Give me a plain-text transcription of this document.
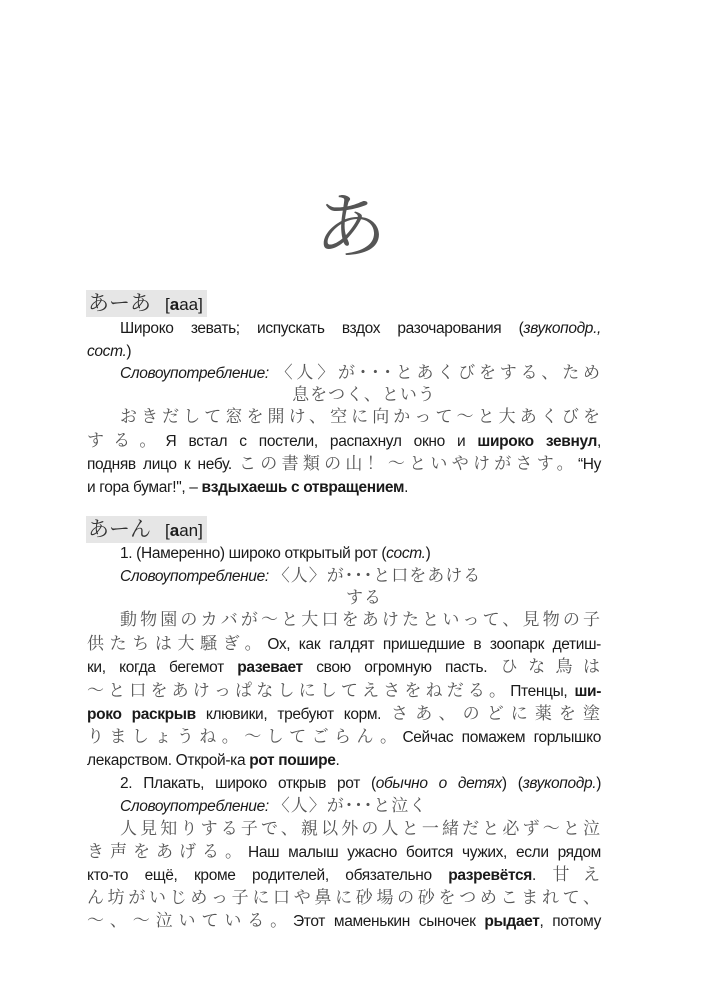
あ
あーあ [aaa]
Широко зевать; испускать вздох разочарования (звукоподр.,
сост.)
Словоупотребление: 〈人〉が･･･とあくびをする、ため
息をつく、という
おきだして窓を開け、空に向かって〜と大あくびを
する。Я встал с постели, распахнул окно и широко зевнул,
подняв лицо к небу. この書類の山！〜といやけがさす。“Ну
и гора бумаг!", – вздыхаешь с отвращением.
あーん [aan]
1. (Намеренно) широко открытый рот (сост.)
Словоупотребление: 〈人〉が･･･と口をあける
する
動物園のカバが〜と大口をあけたといって、見物の子
供たちは大騒ぎ。Ох, как галдят пришедшие в зоопарк детиш-
ки, когда бегемот разевает свою огромную пасть. ひな鳥は
〜と口をあけっぱなしにしてえさをねだる。Птенцы, ши-
роко раскрыв клювики, требуют корм. さあ、のどに薬を塗
りましょうね。〜してごらん。Сейчас помажем горлышко
лекарством. Открой-ка рот пошире.
2. Плакать, широко открыв рот (обычно о детях) (звукоподр.)
Словоупотребление: 〈人〉が･･･と泣く
人見知りする子で、親以外の人と一緒だと必ず〜と泣
き声をあげる。Наш малыш ужасно боится чужих, если рядом
кто-то ещё, кроме родителей, обязательно разревётся. 甘え
ん坊がいじめっ子に口や鼻に砂場の砂をつめこまれて、
〜、〜泣いている。Этот маменькин сыночек рыдает, потому
